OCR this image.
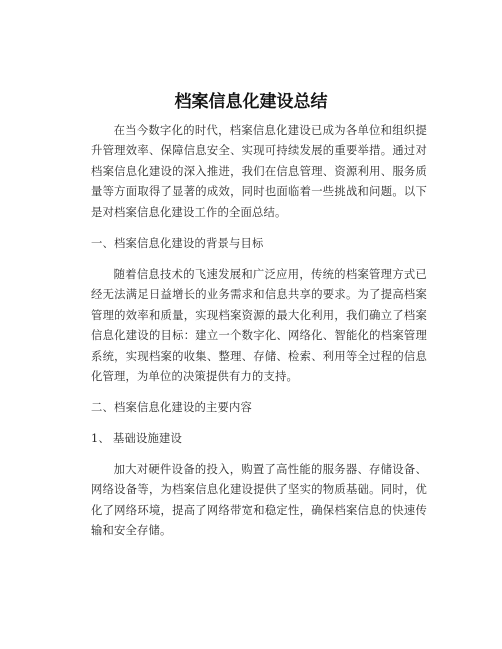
档案信息化建设总结

在当今数字化的时代，档案信息化建设已成为各单位和组织提升管理效率、保障信息安全、实现可持续发展的重要举措。通过对档案信息化建设的深入推进，我们在信息管理、资源利用、服务质量等方面取得了显著的成效，同时也面临着一些挑战和问题。以下是对档案信息化建设工作的全面总结。

一、档案信息化建设的背景与目标

随着信息技术的飞速发展和广泛应用，传统的档案管理方式已经无法满足日益增长的业务需求和信息共享的要求。为了提高档案管理的效率和质量，实现档案资源的最大化利用，我们确立了档案信息化建设的目标：建立一个数字化、网络化、智能化的档案管理系统，实现档案的收集、整理、存储、检索、利用等全过程的信息化管理，为单位的决策提供有力的支持。

二、档案信息化建设的主要内容

1、 基础设施建设

加大对硬件设备的投入，购置了高性能的服务器、存储设备、网络设备等，为档案信息化建设提供了坚实的物质基础。同时，优化了网络环境，提高了网络带宽和稳定性，确保档案信息的快速传输和安全存储。
